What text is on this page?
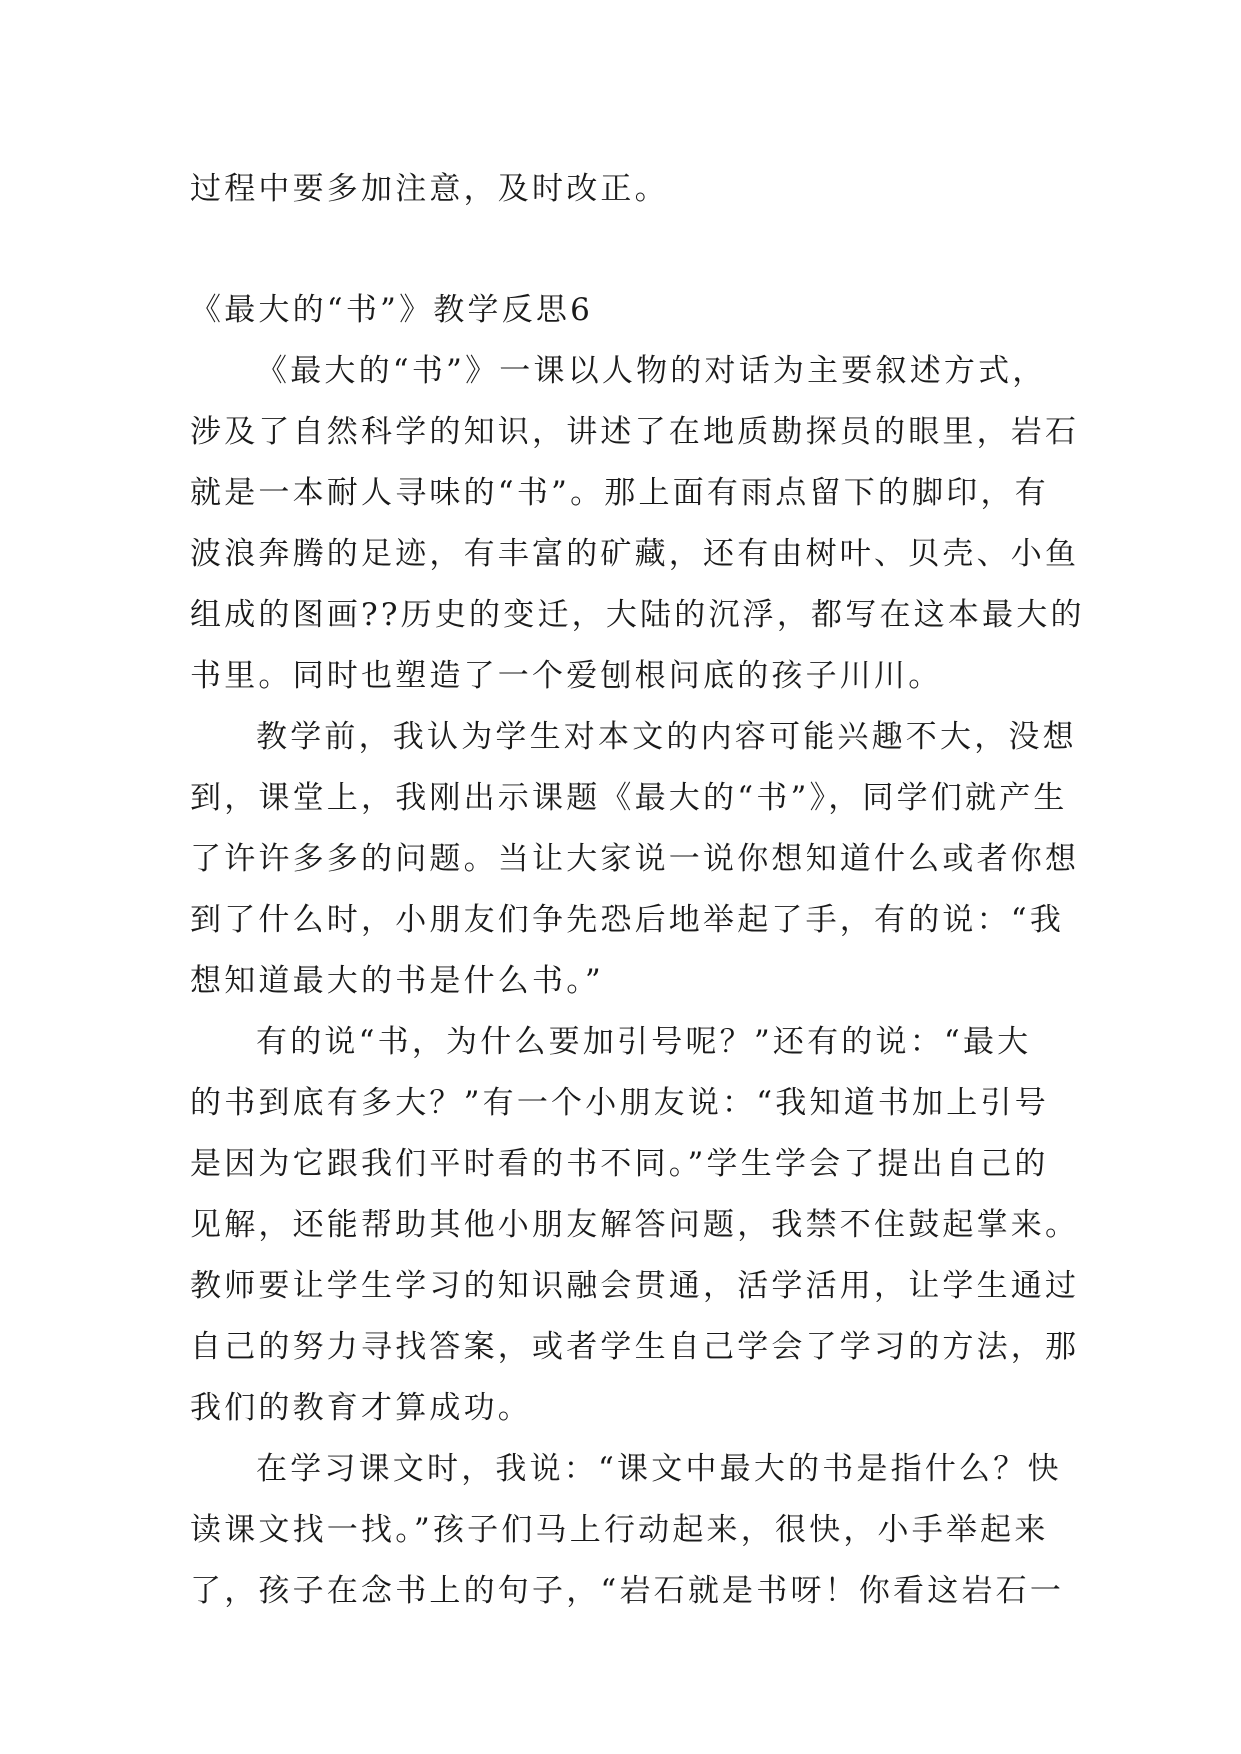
过程中要多加注意，及时改正。
《最大的“书”》教学反思6
《最大的“书”》一课以人物的对话为主要叙述方式，
涉及了自然科学的知识，讲述了在地质勘探员的眼里，岩石
就是一本耐人寻味的“书”。那上面有雨点留下的脚印，有
波浪奔腾的足迹，有丰富的矿藏，还有由树叶、贝壳、小鱼
组成的图画??历史的变迁，大陆的沉浮，都写在这本最大的
书里。同时也塑造了一个爱刨根问底的孩子川川。
教学前，我认为学生对本文的内容可能兴趣不大，没想
到，课堂上，我刚出示课题《最大的“书”》，同学们就产生
了许许多多的问题。当让大家说一说你想知道什么或者你想
到了什么时，小朋友们争先恐后地举起了手，有的说：“我
想知道最大的书是什么书。”
有的说“书，为什么要加引号呢？”还有的说：“最大
的书到底有多大？”有一个小朋友说：“我知道书加上引号
是因为它跟我们平时看的书不同。”学生学会了提出自己的
见解，还能帮助其他小朋友解答问题，我禁不住鼓起掌来。
教师要让学生学习的知识融会贯通，活学活用，让学生通过
自己的努力寻找答案，或者学生自己学会了学习的方法，那
我们的教育才算成功。
在学习课文时，我说：“课文中最大的书是指什么？快
读课文找一找。”孩子们马上行动起来，很快，小手举起来
了，孩子在念书上的句子，“岩石就是书呀！你看这岩石一
